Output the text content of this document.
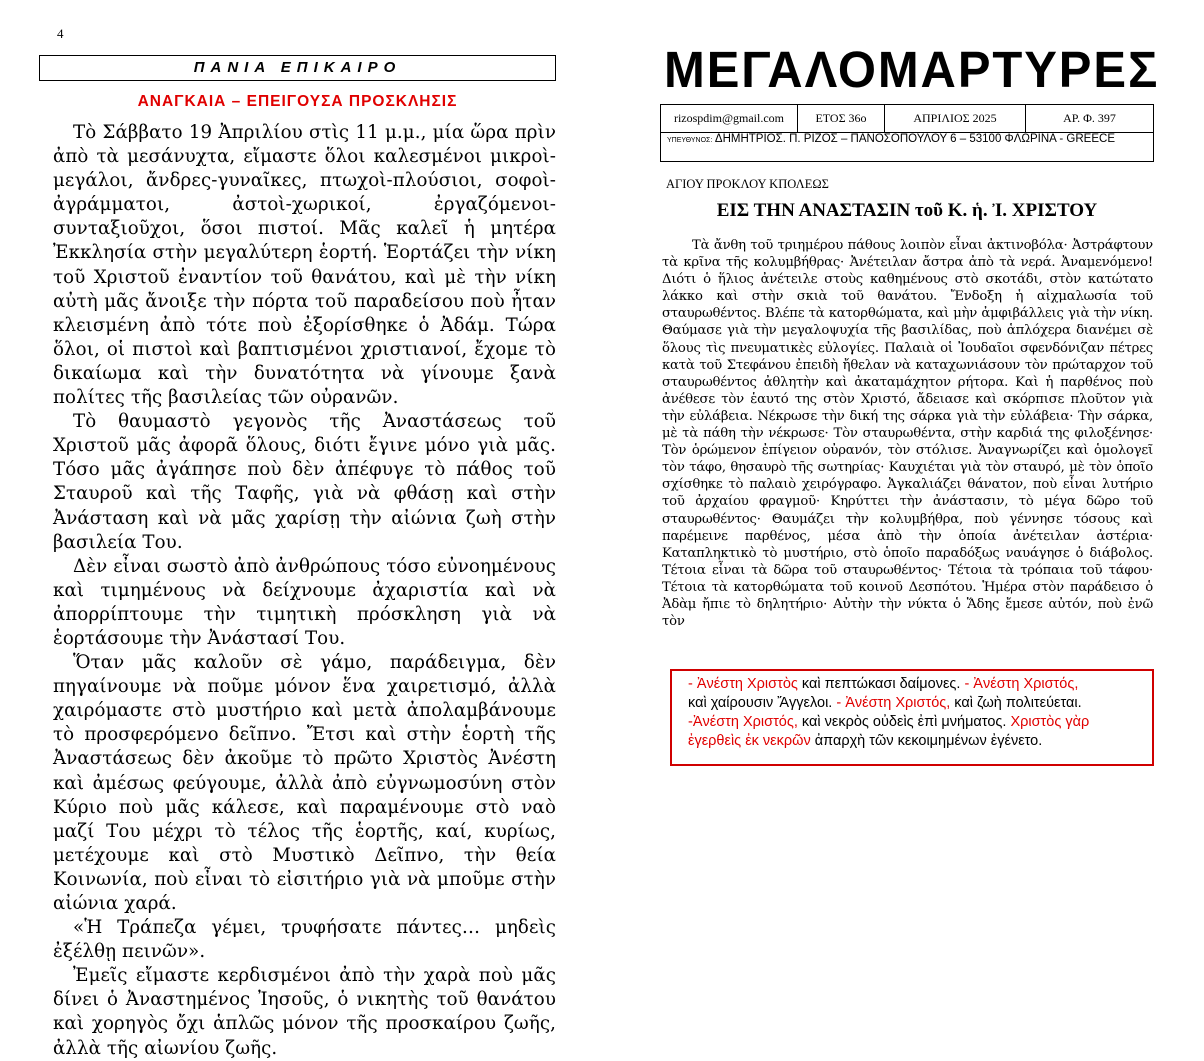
4
ΠΑΝΙΑ ΕΠΙΚΑΙΡΟ
ΑΝΑΓΚΑΙΑ – ΕΠΕΙΓΟΥΣΑ ΠΡΟΣΚΛΗΣΙΣ

Τὸ Σάββατο 19 Ἀπριλίου στὶς 11 μ.μ., μία ὥρα πρὶν ἀπὸ τὰ μεσάνυχτα, εἴμαστε ὅλοι καλεσμένοι μικροὶ-μεγάλοι, ἄνδρες-γυναῖκες, πτωχοὶ-πλούσιοι, σοφοὶ-ἀγράμματοι, ἀστοὶ-χωρικοί, ἐργαζόμενοι-συνταξιοῦχοι, ὅσοι πιστοί. Μᾶς καλεῖ ἡ μητέρα Ἐκκλησία στὴν μεγαλύτερη ἑορτή. Ἑορτάζει τὴν νίκη τοῦ Χριστοῦ ἐναντίον τοῦ θανάτου, καὶ μὲ τὴν νίκη αὐτὴ μᾶς ἄνοιξε τὴν πόρτα τοῦ παραδείσου ποὺ ἦταν κλεισμένη ἀπὸ τότε ποὺ ἐξορίσθηκε ὁ Ἀδάμ. Τώρα ὅλοι, οἱ πιστοὶ καὶ βαπτισμένοι χριστιανοί, ἔχομε τὸ δικαίωμα καὶ τὴν δυνατότητα νὰ γίνουμε ξανὰ πολίτες τῆς βασιλείας τῶν οὐρανῶν.

Τὸ θαυμαστὸ γεγονὸς τῆς Ἀναστάσεως τοῦ Χριστοῦ μᾶς ἀφορᾶ ὅλους, διότι ἔγινε μόνο γιὰ μᾶς. Τόσο μᾶς ἀγάπησε ποὺ δὲν ἀπέφυγε τὸ πάθος τοῦ Σταυροῦ καὶ τῆς Ταφῆς, γιὰ νὰ φθάσῃ καὶ στὴν Ἀνάσταση καὶ νὰ μᾶς χαρίσῃ τὴν αἰώνια ζωὴ στὴν βασιλεία Του.

Δὲν εἶναι σωστὸ ἀπὸ ἀνθρώπους τόσο εὐνοημένους καὶ τιμημένους νὰ δείχνουμε ἀχαριστία καὶ νὰ ἀπορρίπτουμε τὴν τιμητικὴ πρόσκληση γιὰ νὰ ἑορτάσουμε τὴν Ἀνάστασί Του.

Ὅταν μᾶς καλοῦν σὲ γάμο, παράδειγμα, δὲν πηγαίνουμε νὰ ποῦμε μόνον ἕνα χαιρετισμό, ἀλλὰ χαιρόμαστε στὸ μυστήριο καὶ μετὰ ἀπολαμβάνουμε τὸ προσφερόμενο δεῖπνο. Ἔτσι καὶ στὴν ἑορτὴ τῆς Ἀναστάσεως δὲν ἀκοῦμε τὸ πρῶτο Χριστὸς Ἀνέστη καὶ ἀμέσως φεύγουμε, ἀλλὰ ἀπὸ εὐγνωμοσύνη στὸν Κύριο ποὺ μᾶς κάλεσε, καὶ παραμένουμε στὸ ναὸ μαζί Του μέχρι τὸ τέλος τῆς ἑορτῆς, καί, κυρίως, μετέχουμε καὶ στὸ Μυστικὸ Δεῖπνο, τὴν θεία Κοινωνία, ποὺ εἶναι τὸ εἰσιτήριο γιὰ νὰ μποῦμε στὴν αἰώνια χαρά.

«Ἡ Τράπεζα γέμει, τρυφήσατε πάντες… μηδεὶς ἐξέλθῃ πεινῶν».

Ἐμεῖς εἴμαστε κερδισμένοι ἀπὸ τὴν χαρὰ ποὺ μᾶς δίνει ὁ Ἀναστημένος Ἰησοῦς, ὁ νικητὴς τοῦ θανάτου καὶ χορηγὸς ὄχι ἁπλῶς μόνον τῆς προσκαίρου ζωῆς, ἀλλὰ τῆς αἰωνίου ζωῆς.

ΜΕΓΑΛΟΜΑΡΤΥΡΕΣ
rizospdim@gmail.com	ΕΤΟΣ 36ο	ΑΠΡΙΛΙΟΣ 2025	ΑΡ. Φ. 397
ΥΠΕΥΘΥΝΟΣ: ΔΗΜΗΤΡΙΟΣ. Π. ΡΙΖΟΣ – ΠΑΝΟΣΟΠΟΥΛΟΥ 6 – 53100 ΦΛΩΡΙΝΑ - GREECE
ΑΓΙΟΥ ΠΡΟΚΛΟΥ ΚΠΟΛΕΩΣ
ΕΙΣ ΤΗΝ ΑΝΑΣΤΑΣΙΝ τοῦ Κ. ἡ. Ἰ. ΧΡΙΣΤΟΥ

Τὰ ἄνθη τοῦ τριημέρου πάθους λοιπὸν εἶναι ἀκτινοβόλα· Ἀστράφτουν τὰ κρῖνα τῆς κολυμβήθρας· Ἀνέτειλαν ἄστρα ἀπὸ τὰ νερά. Ἀναμενόμενο! Διότι ὁ ἥλιος ἀνέτειλε στοὺς καθημένους στὸ σκοτάδι, στὸν κατώτατο λάκκο καὶ στὴν σκιὰ τοῦ θανάτου. Ἔνδοξη ἡ αἰχμαλωσία τοῦ σταυρωθέντος. Βλέπε τὰ κατορθώματα, καὶ μὴν ἀμφιβάλλεις γιὰ τὴν νίκη. Θαύμασε γιὰ τὴν μεγαλοψυχία τῆς βασιλίδας, ποὺ ἁπλόχερα διανέμει σὲ ὅλους τὶς πνευματικὲς εὐλογίες. Παλαιὰ οἱ Ἰουδαῖοι σφενδόνιζαν πέτρες κατὰ τοῦ Στεφάνου ἐπειδὴ ἤθελαν νὰ καταχωνιάσουν τὸν πρώταρχον τοῦ σταυρωθέντος ἀθλητὴν καὶ ἀκαταμάχητον ρήτορα. Καὶ ἡ παρθένος ποὺ ἀνέθεσε τὸν ἑαυτό της στὸν Χριστό, ἄδειασε καὶ σκόρπισε πλοῦτον γιὰ τὴν εὐλάβεια. Νέκρωσε τὴν δική της σάρκα γιὰ τὴν εὐλάβεια· Τὴν σάρκα, μὲ τὰ πάθη τὴν νέκρωσε· Τὸν σταυρωθέντα, στὴν καρδιά της φιλοξένησε· Τὸν ὁρώμενον ἐπίγειον οὐρανόν, τὸν στόλισε. Ἀναγνωρίζει καὶ ὁμολογεῖ τὸν τάφο, θησαυρὸ τῆς σωτηρίας· Καυχιέται γιὰ τὸν σταυρό, μὲ τὸν ὁποῖο σχίσθηκε τὸ παλαιὸ χειρόγραφο. Ἀγκαλιάζει θάνατον, ποὺ εἶναι λυτήριο τοῦ ἀρχαίου φραγμοῦ· Κηρύττει τὴν ἀνάστασιν, τὸ μέγα δῶρο τοῦ σταυρωθέντος· Θαυμάζει τὴν κολυμβήθρα, ποὺ γέννησε τόσους καὶ παρέμεινε παρθένος, μέσα ἀπὸ τὴν ὁποία ἀνέτειλαν ἀστέρια· Καταπληκτικὸ τὸ μυστήριο, στὸ ὁποῖο παραδόξως ναυάγησε ὁ διάβολος. Τέτοια εἶναι τὰ δῶρα τοῦ σταυρωθέντος· Τέτοια τὰ τρόπαια τοῦ τάφου· Τέτοια τὰ κατορθώματα τοῦ κοινοῦ Δεσπότου. Ἡμέρα στὸν παράδεισο ὁ Ἀδὰμ ἤπιε τὸ δηλητήριο· Αὐτὴν τὴν νύκτα ὁ Ἅδης ἔμεσε αὐτόν, ποὺ ἐνῶ τὸν

- Ἀνέστη Χριστὸς καὶ πεπτώκασι δαίμονες. - Ἀνέστη Χριστός,
καὶ χαίρουσιν Ἄγγελοι. - Ἀνέστη Χριστός, καὶ ζωὴ πολιτεύεται.
-Ἀνέστη Χριστός, καὶ νεκρὸς οὐδεὶς ἐπὶ μνήματος. Χριστὸς γὰρ
ἐγερθεὶς ἐκ νεκρῶν ἀπαρχὴ τῶν κεκοιμημένων ἐγένετο.
